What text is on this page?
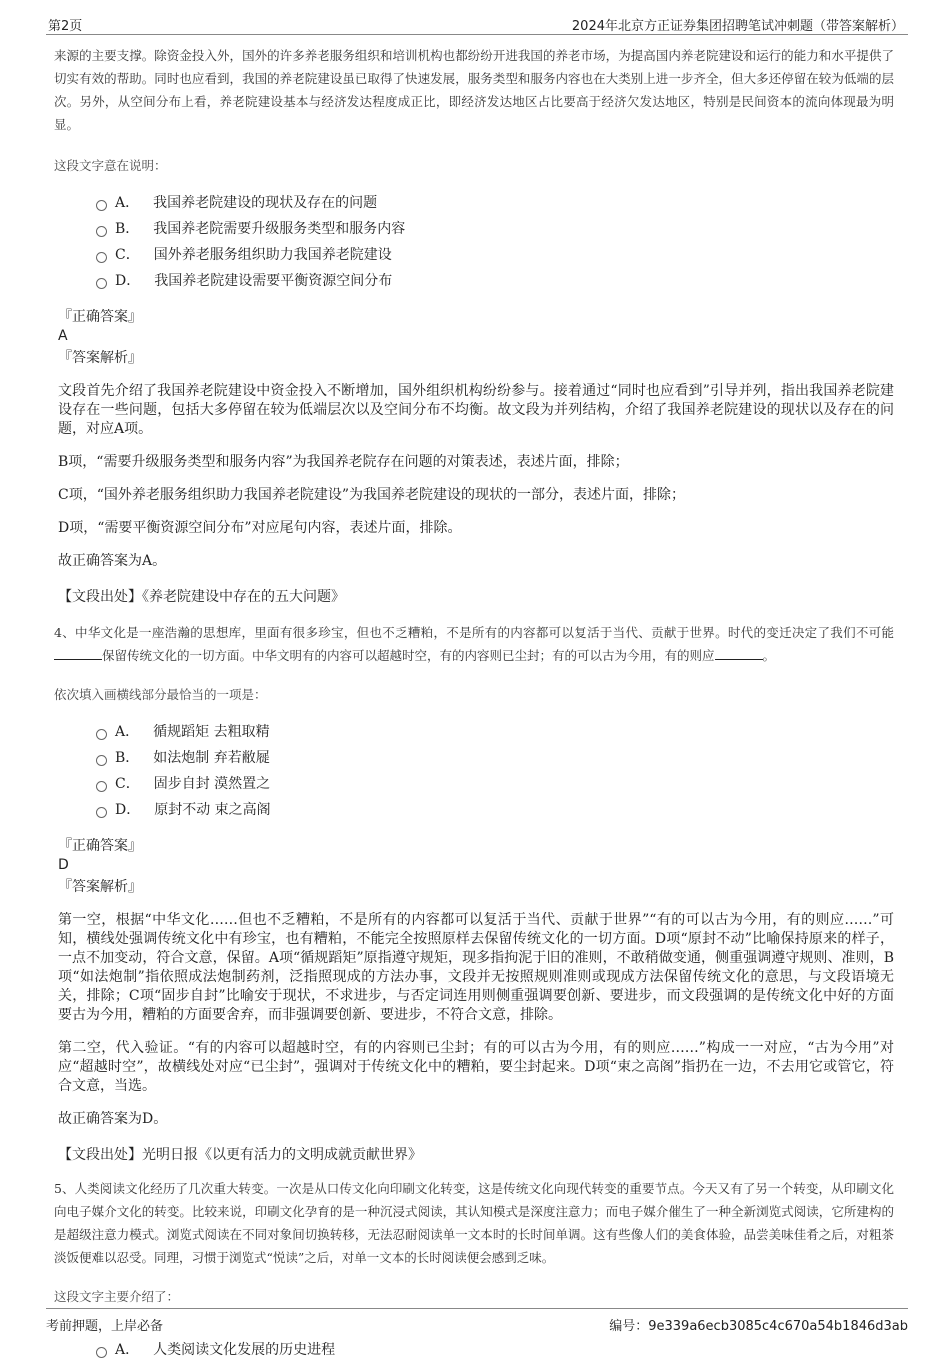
第2页	2024年北京方正证券集团招聘笔试冲刺题（带答案解析）

来源的主要支撑。除资金投入外，国外的许多养老服务组织和培训机构也都纷纷开进我国的养老市场，为提高国内养老院建设和运行的能力和水平提供了切实有效的帮助。同时也应看到，我国的养老院建设虽已取得了快速发展，服务类型和服务内容也在大类别上进一步齐全，但大多还停留在较为低端的层次。另外，从空间分布上看，养老院建设基本与经济发达程度成正比，即经济发达地区占比要高于经济欠发达地区，特别是民间资本的流向体现最为明显。

这段文字意在说明：

A． 我国养老院建设的现状及存在的问题
B． 我国养老院需要升级服务类型和服务内容
C． 国外养老服务组织助力我国养老院建设
D． 我国养老院建设需要平衡资源空间分布

『正确答案』

A

『答案解析』

文段首先介绍了我国养老院建设中资金投入不断增加，国外组织机构纷纷参与。接着通过“同时也应看到”引导并列，指出我国养老院建设存在一些问题，包括大多停留在较为低端层次以及空间分布不均衡。故文段为并列结构，介绍了我国养老院建设的现状以及存在的问题，对应A项。

B项，“需要升级服务类型和服务内容”为我国养老院存在问题的对策表述，表述片面，排除；

C项，“国外养老服务组织助力我国养老院建设”为我国养老院建设的现状的一部分，表述片面，排除；

D项，“需要平衡资源空间分布”对应尾句内容，表述片面，排除。

故正确答案为A。

【文段出处】《养老院建设中存在的五大问题》

4、中华文化是一座浩瀚的思想库，里面有很多珍宝，但也不乏糟粕，不是所有的内容都可以复活于当代、贡献于世界。时代的变迁决定了我们不可能保留传统文化的一切方面。中华文明有的内容可以超越时空，有的内容则已尘封；有的可以古为今用，有的则应	。

依次填入画横线部分最恰当的一项是：

A． 循规蹈矩 去粗取精
B． 如法炮制 弃若敝屣
C． 固步自封 漠然置之
D． 原封不动 束之高阁

『正确答案』

D

『答案解析』

第一空，根据“中华文化……但也不乏糟粕，不是所有的内容都可以复活于当代、贡献于世界”“有的可以古为今用，有的则应……”可知，横线处强调传统文化中有珍宝，也有糟粕，不能完全按照原样去保留传统文化的一切方面。D项“原封不动”比喻保持原来的样子，一点不加变动，符合文意，保留。A项“循规蹈矩”原指遵守规矩，现多指拘泥于旧的准则，不敢稍做变通，侧重强调遵守规则、准则，B项“如法炮制”指依照成法炮制药剂，泛指照现成的方法办事，文段并无按照规则准则或现成方法保留传统文化的意思，与文段语境无关，排除；C项“固步自封”比喻安于现状，不求进步，与否定词连用则侧重强调要创新、要进步，而文段强调的是传统文化中好的方面要古为今用，糟粕的方面要舍弃，而非强调要创新、要进步，不符合文意，排除。

第二空，代入验证。“有的内容可以超越时空，有的内容则已尘封；有的可以古为今用，有的则应……”构成一一对应，“古为今用”对应“超越时空”，故横线处对应“已尘封”，强调对于传统文化中的糟粕，要尘封起来。D项“束之高阁”指扔在一边，不去用它或管它，符合文意，当选。

故正确答案为D。

【文段出处】光明日报《以更有活力的文明成就贡献世界》

5、人类阅读文化经历了几次重大转变。一次是从口传文化向印刷文化转变，这是传统文化向现代转变的重要节点。今天又有了另一个转变，从印刷文化向电子媒介文化的转变。比较来说，印刷文化孕育的是一种沉浸式阅读，其认知模式是深度注意力；而电子媒介催生了一种全新浏览式阅读，它所建构的是超级注意力模式。浏览式阅读在不同对象间切换转移，无法忍耐阅读单一文本时的长时间单调。这有些像人们的美食体验，品尝美味佳肴之后，对粗茶淡饭便难以忍受。同理，习惯于浏览式“悦读”之后，对单一文本的长时阅读便会感到乏味。

这段文字主要介绍了：

A． 人类阅读文化发展的历史进程
考前押题，上岸必备	编号：9e339a6ecb3085c4c670a54b1846d3ab
